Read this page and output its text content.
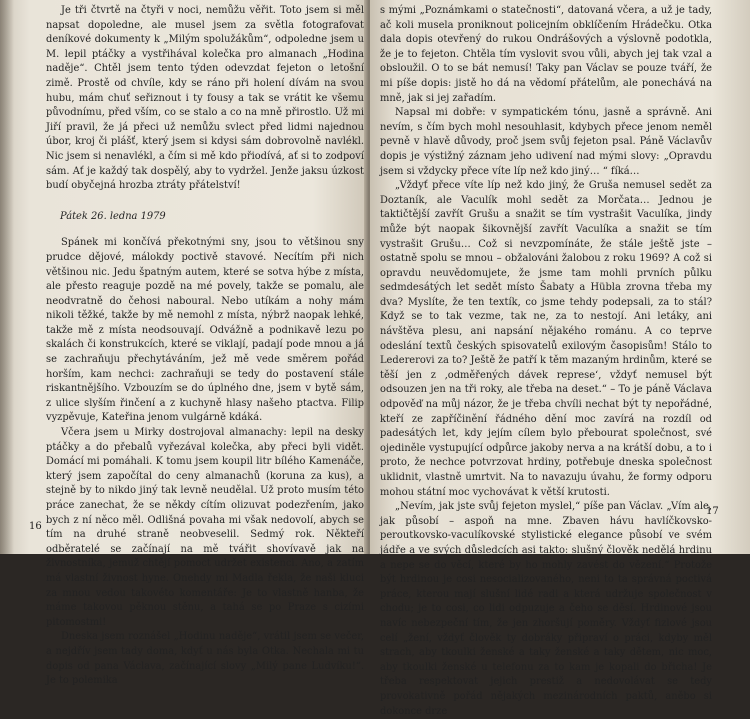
Je tři čtvrtě na čtyři v noci, nemůžu věřit. Toto jsem si měl napsat dopoledne, ale musel jsem za světla fotografovat deníkové dokumenty k „Milým spolužákům“, odpoledne jsem u M. lepil ptáčky a vystřihával kolečka pro almanach „Hodina naděje“. Chtěl jsem tento týden odevzdat fejeton o letošní zimě. Prostě od chvíle, kdy se ráno při holení dívám na svou hubu, mám chuť seřiznout i ty fousy a tak se vrátit ke všemu původnímu, před vším, co se stalo a co na mně přirostlo. Už mi Jiří pravil, že já přeci už nemůžu svlect před lidmi najednou úbor, kroj či plášť, který jsem si kdysi sám dobrovolně navlékl. Nic jsem si nenavlékl, a čím si mě kdo přiodívá, ať si to zodpoví sám. Ať je každý tak dospělý, aby to vydržel. Jenže jaksu úzkost budí obyčejná hrozba ztráty přátelství!

Pátek 26. ledna 1979

Spánek mi končívá překotnými sny, jsou to většinou sny prudce dějové, málokdy poctivě stavové. Necítím při nich většinou nic. Jedu špatným autem, které se sotva hýbe z místa, ale přesto reaguje pozdě na mé povely, takže se pomalu, ale neodvratně do čehosi naboural. Nebo utíkám a nohy mám nikoli těžké, takže by mě nemohl z místa, nýbrž naopak lehké, takže mě z místa neodsouvají. Odvážně a podnikavě lezu po skalách či konstrukcích, které se viklají, padají pode mnou a já se zachraňuju přechytáváním, jež mě vede směrem pořád horším, kam nechci: zachraňuji se tedy do postavení stále riskantnějšího. Vzbouzím se do úplného dne, jsem v bytě sám, z ulice slyším řinčení a z kuchyně hlasy našeho ptactva. Filip vyzpěvuje, Kateřina jenom vulgárně kdáká.

Včera jsem u Mirky dostrojoval almanachy: lepil na desky ptáčky a do přebalů vyřezával kolečka, aby přeci byli vidět. Domácí mi pomáhali. K tomu jsem koupil litr bílého Kamenáče, který jsem započítal do ceny almanachů (koruna za kus), a stejně by to nikdo jiný tak levně neudělal. Už proto musím této práce zanechat, že se někdy cítím olizuvat podezřením, jako bych z ní něco měl. Odlišná povaha mi však nedovolí, abych se tím na druhé straně neobveselil. Sedmý rok. Někteří odběratelé se začínají na mě tvářit shovívavě jak na živnostníka, jemuž chtějí pomoct udržet existenci. Ano, a zatím má vlastní živnost hyne. Onehdy mi Madla řekla, že naši kluci za mnou vedou takovéto komentáře: Je to vlastně hanba, že máme takovou pěknou stěnu, a tahá se po Praze s cizími pitomostmi!

Dneska jsem roznášel „Hodinu naděje“, vrátil jsem se večer, a nejdřív jsem tady doma, kdyť u nás byla Otka. Nechala mi tu dopis od pana Václava, začínající slovy „Milý pane Ludvíku!“. Je to polemika

16

s mými „Poznámkami o statečnosti“, datovaná včera, a už je tady, ač koli musela proniknout policejním obklíčením Hrádečku. Otka dala dopis otevřený do rukou Ondrášových a výslovně podotkla, že je to fejeton. Chtěla tím vyslovit svou vůli, abych jej tak vzal a obsloužil. O to se bát nemusí! Taky pan Václav se pouze tváří, že mi píše dopis: jistě ho dá na vědomí přátelům, ale ponechává na mně, jak si jej zařadím.

Napsal mi dobře: v sympatickém tónu, jasně a správně. Ani nevím, s čím bych mohl nesouhlasit, kdybych přece jenom neměl pevně v hlavě důvody, proč jsem svůj fejeton psal. Páně Václavův dopis je výstižný záznam jeho udivení nad mými slovy: „Opravdu jsem si vždycky přece víte líp než kdo jiný… “ fíká…

„Vždyť přece víte líp než kdo jiný, že Gruša nemusel sedět za Doztaník, ale Vaculík mohl sedět za Morčata… Jednou je taktičtější zavřít Grušu a snažit se tím vystrašit Vaculíka, jindy může být naopak šikovnější zavřít Vaculíka a snažit se tím vystrašit Grušu… Což si nevzpomínáte, že stále ještě jste – ostatně spolu se mnou – obžalováni žalobou z roku 1969? A což si opravdu neuvědomujete, že jsme tam mohli prvních půlku sedmdesátých let sedět místo Šabaty a Hübla zrovna třeba my dva? Myslíte, že ten textík, co jsme tehdy podepsali, za to stál? Když se to tak vezme, tak ne, za to nestojí. Ani letáky, ani návštěva plesu, ani napsání nějakého románu. A co teprve odeslání textů českých spisovatelů exilovým časopisům! Stálo to Ledererovi za to? Ještě že patří k těm mazaným hrdinům, které se těší jen z ‚odměřených dávek represe‘, vždyť nemusel být odsouzen jen na tři roky, ale třeba na deset.“ – To je páně Václava odpověď na můj názor, že je třeba chvíli nechat být ty nepořádné, kteří ze zapříčinění řádného dění moc zavírá na rozdíl od padesátých let, kdy jejím cílem bylo přebourat společnost, své ojediněle vystupující odpůrce jakoby nerva a na krátší dobu, a to i proto, že nechce potvrzovat hrdiny, potřebuje dneska společnost uklidnit, vlastně umrtvit. Na to navazuju úvahu, že formy odporu mohou státní moc vychovávat k větší krutosti.

„Nevím, jak jste svůj fejeton myslel,“ píše pan Václav. „Vím ale, jak působí – aspoň na mne. Zbaven hávu havlíčkovsko-peroutkovsko-vaculíkovské stylistické elegance působí ve svém jádře a ve svých důsledcích asi takto: slušný člověk nedělá hrdinu a nepe se do věcí, které by ho mohly zavést do vězení.“ Protože být hrdinou je cosi nesocializovaného, neni to ta správná poctivá práce, kterou mají slušní lidé radi a která udržuje společnost v chodu; je to cosi, co lidi odpuzuje a čeho se děsí. Hrdinové jsou navíc nebezpeční tím, že jen zhoršují poměry. Vždyť fizlové jsou celí „žení, vždyť člověk ty dobráky připraví o práci, kdyby měl strach, aby tkoulki ženské a taky ženské a taky dětem, nic moc, aby tkoulki ženské u telefonu za to kam je kopali do břicha! Je třeba respektovat jejich prestiž a nedovolávat se tedy provokativně pořád nějakých mezinárodních paktů, aněbo si dokonce drze

17
